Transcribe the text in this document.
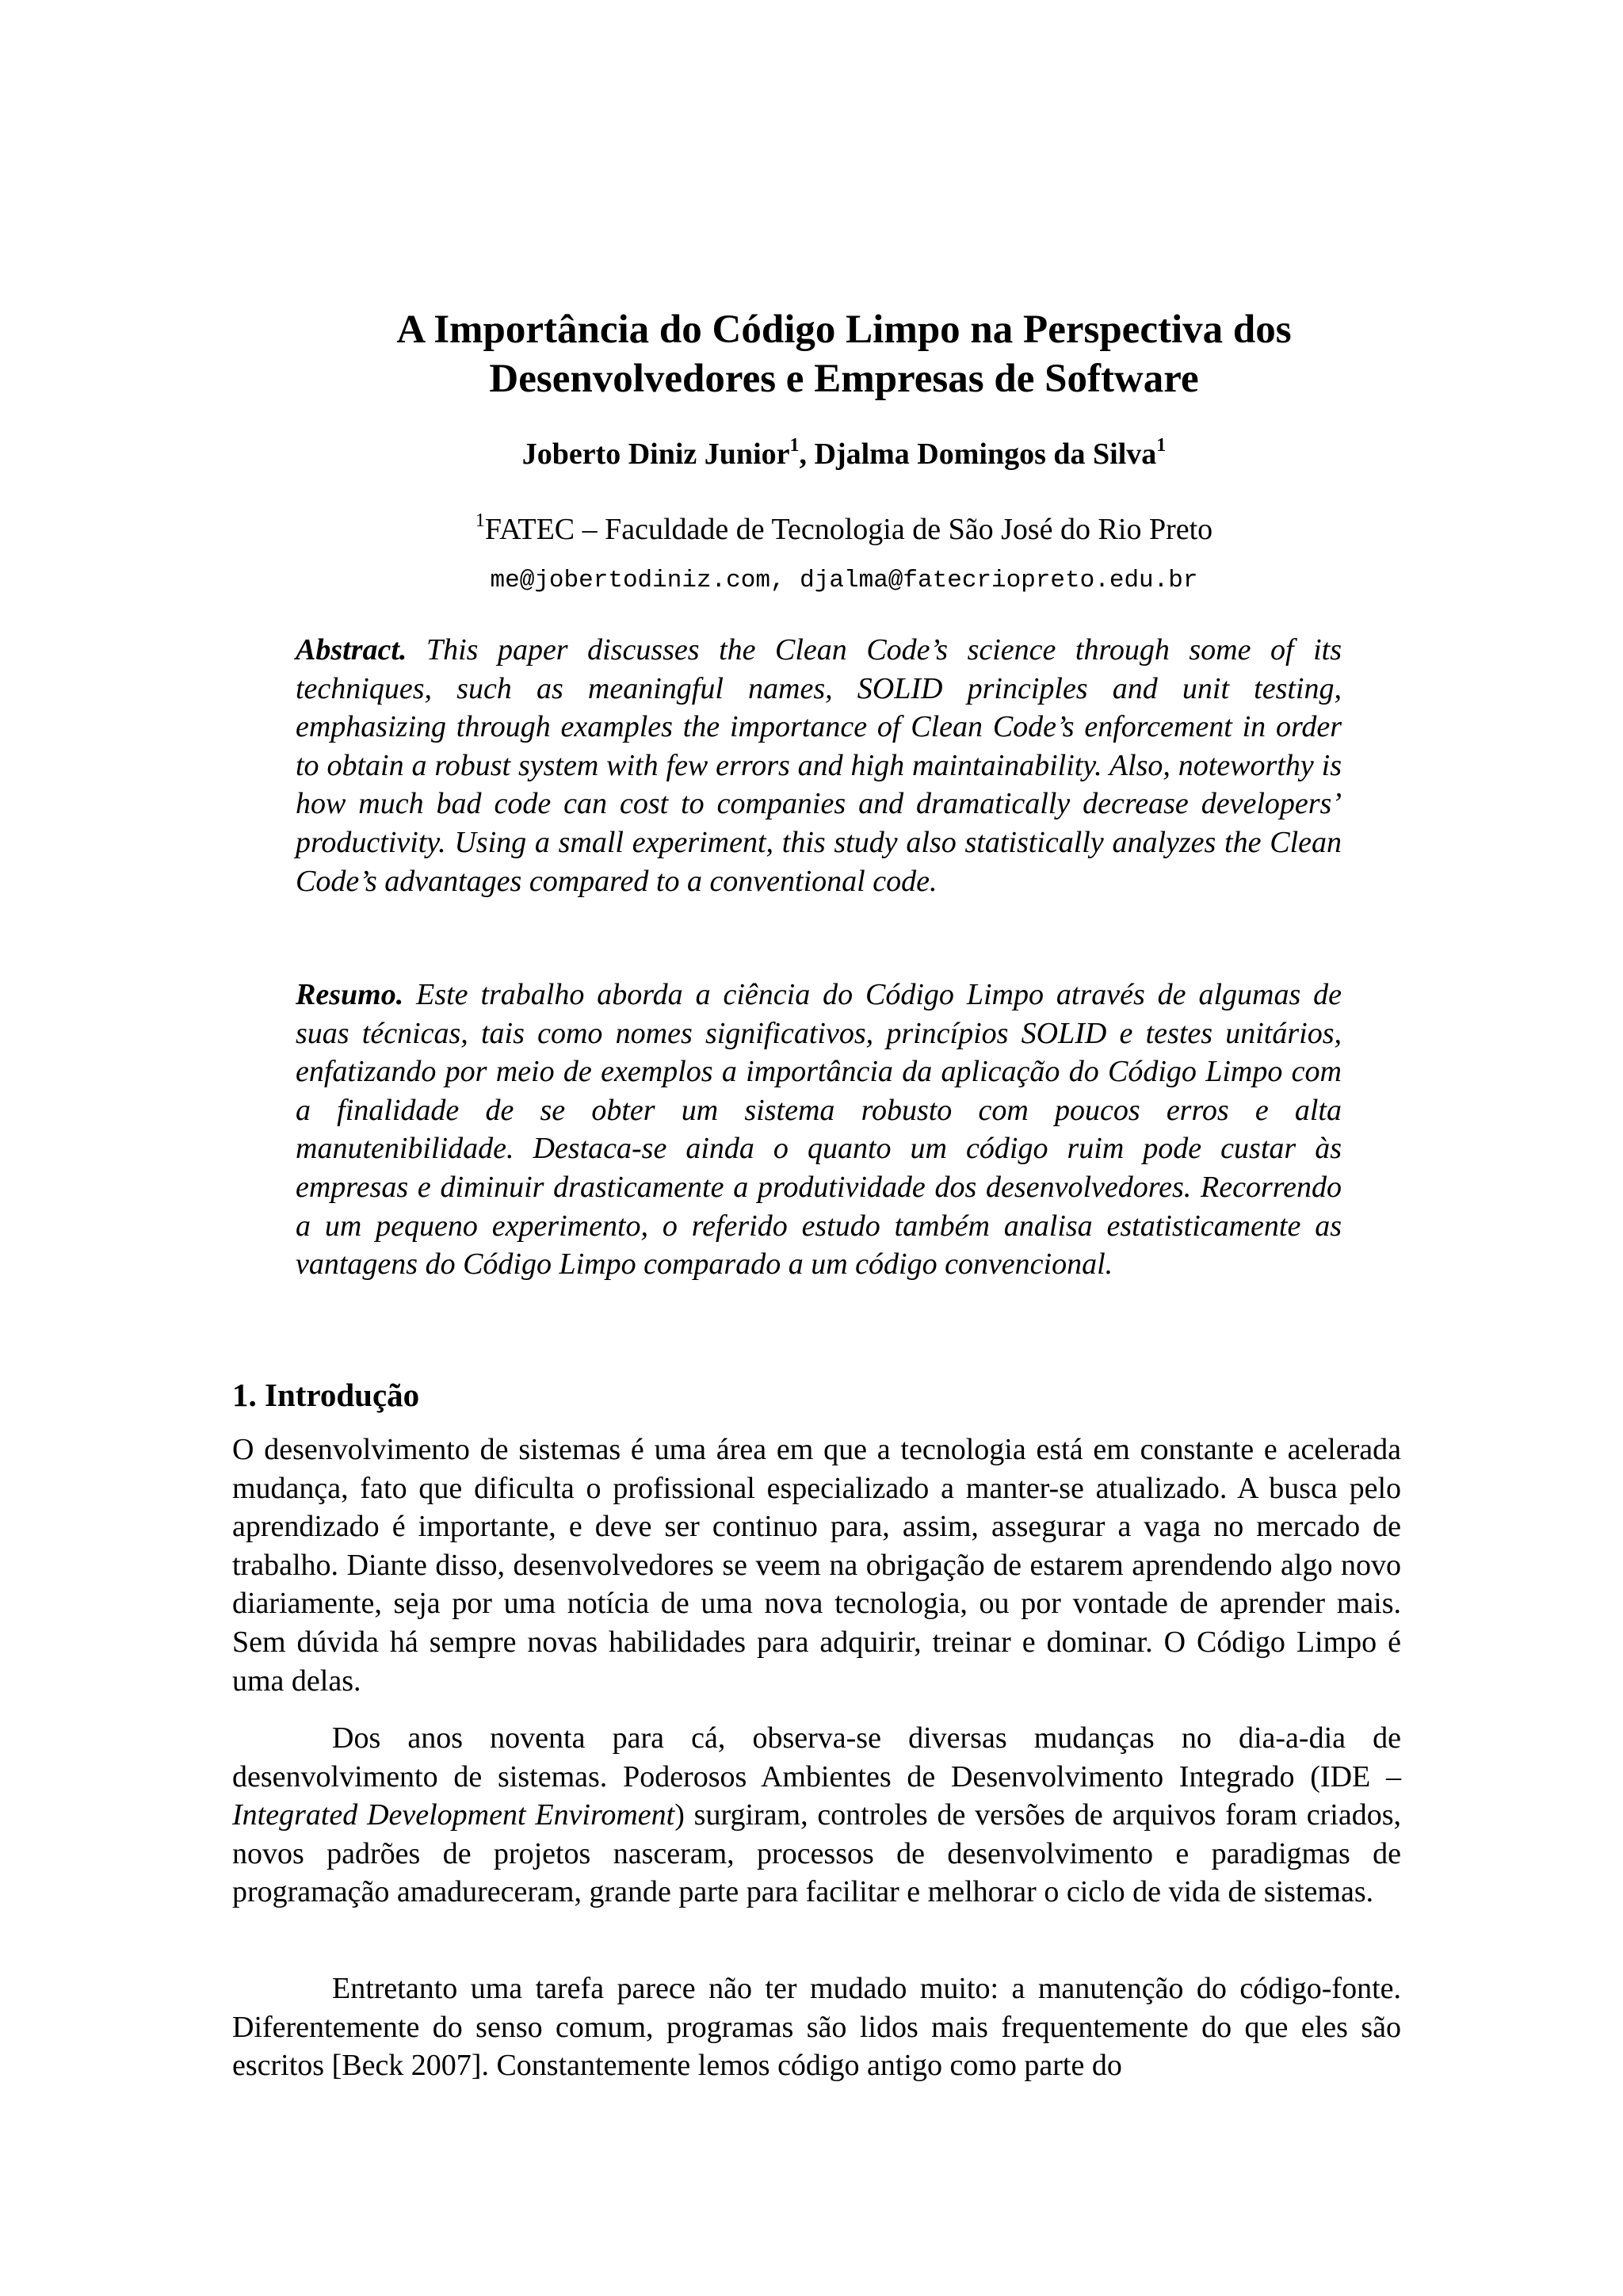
A Importância do Código Limpo na Perspectiva dos
Desenvolvedores e Empresas de Software
Joberto Diniz Junior$^1$, Djalma Domingos da Silva$^1$
$^1$FATEC – Faculdade de Tecnologia de São José do Rio Preto
me@jobertodiniz.com, djalma@fatecriopreto.edu.br

Abstract. This paper discusses the Clean Code’s science through some of its techniques, such as meaningful names, SOLID principles and unit testing, emphasizing through examples the importance of Clean Code’s enforcement in order to obtain a robust system with few errors and high maintainability. Also, noteworthy is how much bad code can cost to companies and dramatically decrease developers’ productivity. Using a small experiment, this study also statistically analyzes the Clean Code’s advantages compared to a conventional code.

Resumo. Este trabalho aborda a ciência do Código Limpo através de algumas de suas técnicas, tais como nomes significativos, princípios SOLID e testes unitários, enfatizando por meio de exemplos a importância da aplicação do Código Limpo com a finalidade de se obter um sistema robusto com poucos erros e alta manutenibilidade. Destaca-se ainda o quanto um código ruim pode custar às empresas e diminuir drasticamente a produtividade dos desenvolvedores. Recorrendo a um pequeno experimento, o referido estudo também analisa estatisticamente as vantagens do Código Limpo comparado a um código convencional.

1. Introdução

O desenvolvimento de sistemas é uma área em que a tecnologia está em constante e acelerada mudança, fato que dificulta o profissional especializado a manter-se atualizado. A busca pelo aprendizado é importante, e deve ser continuo para, assim, assegurar a vaga no mercado de trabalho. Diante disso, desenvolvedores se veem na obrigação de estarem aprendendo algo novo diariamente, seja por uma notícia de uma nova tecnologia, ou por vontade de aprender mais. Sem dúvida há sempre novas habilidades para adquirir, treinar e dominar. O Código Limpo é uma delas.

Dos anos noventa para cá, observa-se diversas mudanças no dia-a-dia de desenvolvimento de sistemas. Poderosos Ambientes de Desenvolvimento Integrado (IDE – Integrated Development Enviroment) surgiram, controles de versões de arquivos foram criados, novos padrões de projetos nasceram, processos de desenvolvimento e paradigmas de programação amadureceram, grande parte para facilitar e melhorar o ciclo de vida de sistemas.

Entretanto uma tarefa parece não ter mudado muito: a manutenção do código-fonte. Diferentemente do senso comum, programas são lidos mais frequentemente do que eles são escritos [Beck 2007]. Constantemente lemos código antigo como parte do
